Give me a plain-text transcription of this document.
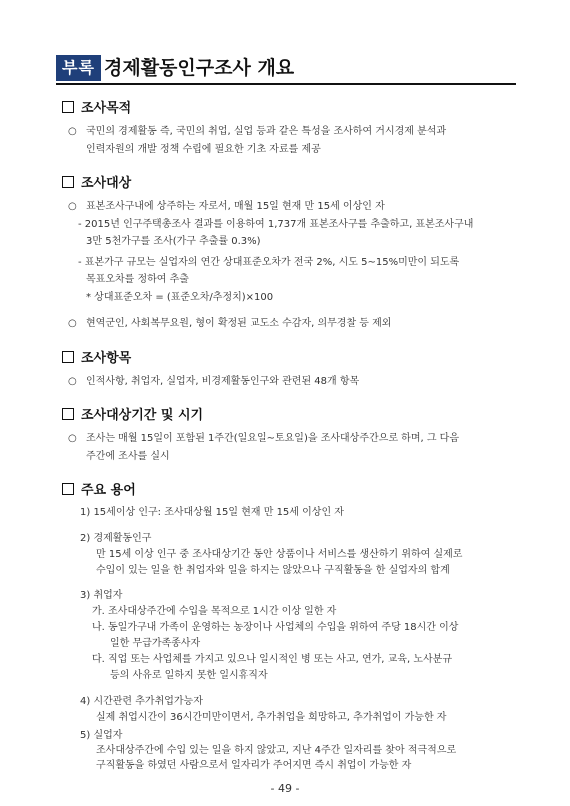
부록 경제활동인구조사 개요
조사목적
○ 국민의 경제활동 즉, 국민의 취업, 실업 등과 같은 특성을 조사하여 거시경제 분석과
인력자원의 개발 정책 수립에 필요한 기초 자료를 제공
조사대상
○ 표본조사구내에 상주하는 자로서, 매월 15일 현재 만 15세 이상인 자
- 2015년 인구주택총조사 결과를 이용하여 1,737개 표본조사구를 추출하고, 표본조사구내
3만 5천가구를 조사(가구 추출률 0.3%)
- 표본가구 규모는 실업자의 연간 상대표준오차가 전국 2%, 시도 5∼15%미만이 되도록
목표오차를 정하여 추출
* 상대표준오차 = (표준오차/추정치)×100
○ 현역군인, 사회복무요원, 형이 확정된 교도소 수감자, 의무경찰 등 제외
조사항목
○ 인적사항, 취업자, 실업자, 비경제활동인구와 관련된 48개 항목
조사대상기간 및 시기
○ 조사는 매월 15일이 포함된 1주간(일요일∼토요일)을 조사대상주간으로 하며, 그 다음
주간에 조사를 실시
주요 용어
1) 15세이상 인구: 조사대상월 15일 현재 만 15세 이상인 자
2) 경제활동인구
만 15세 이상 인구 중 조사대상기간 동안 상품이나 서비스를 생산하기 위하여 실제로
수입이 있는 일을 한 취업자와 일을 하지는 않았으나 구직활동을 한 실업자의 합계
3) 취업자
가. 조사대상주간에 수입을 목적으로 1시간 이상 일한 자
나. 동일가구내 가족이 운영하는 농장이나 사업체의 수입을 위하여 주당 18시간 이상
일한 무급가족종사자
다. 직업 또는 사업체를 가지고 있으나 일시적인 병 또는 사고, 연가, 교육, 노사분규
등의 사유로 일하지 못한 일시휴직자
4) 시간관련 추가취업가능자
실제 취업시간이 36시간미만이면서, 추가취업을 희망하고, 추가취업이 가능한 자
5) 실업자
조사대상주간에 수입 있는 일을 하지 않았고, 지난 4주간 일자리를 찾아 적극적으로
구직활동을 하였던 사람으로서 일자리가 주어지면 즉시 취업이 가능한 자
- 49 -
